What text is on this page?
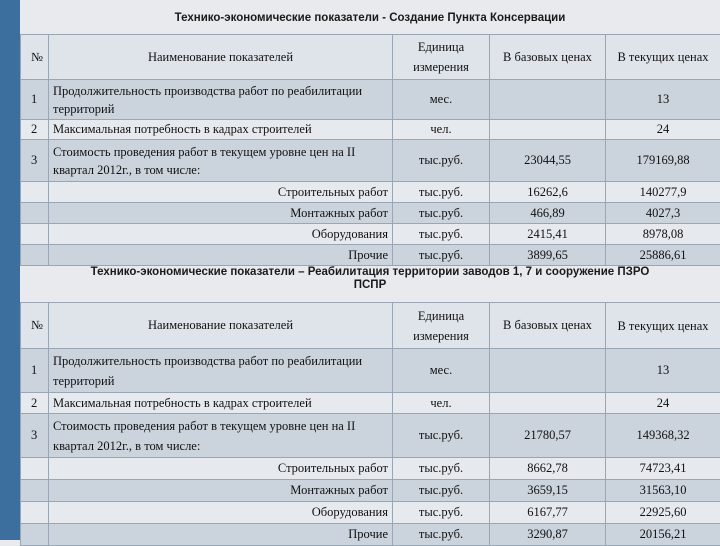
Технико-экономические показатели - Создание Пункта Консервации
№	Наименование показателей	Единица измерения	В базовых ценах	В текущих ценах
1	Продолжительность производства работ по реабилитации территорий	мес.		13
2	Максимальная потребность в кадрах строителей	чел.		24
3	Стоимость проведения работ в текущем уровне цен на II квартал 2012г., в том числе:	тыс.руб.	23044,55	179169,88
	Строительных работ	тыс.руб.	16262,6	140277,9
	Монтажных работ	тыс.руб.	466,89	4027,3
	Оборудования	тыс.руб.	2415,41	8978,08
	Прочие	тыс.руб.	3899,65	25886,61
Технико-экономические показатели – Реабилитация территории заводов 1, 7 и сооружение ПЗРО ПСПР
№	Наименование показателей	Единица измерения	В базовых ценах	В текущих ценах
1	Продолжительность производства работ по реабилитации территорий	мес.		13
2	Максимальная потребность в кадрах строителей	чел.		24
3	Стоимость проведения работ в текущем уровне цен на II квартал 2012г., в том числе:	тыс.руб.	21780,57	149368,32
	Строительных работ	тыс.руб.	8662,78	74723,41
	Монтажных работ	тыс.руб.	3659,15	31563,10
	Оборудования	тыс.руб.	6167,77	22925,60
	Прочие	тыс.руб.	3290,87	20156,21
